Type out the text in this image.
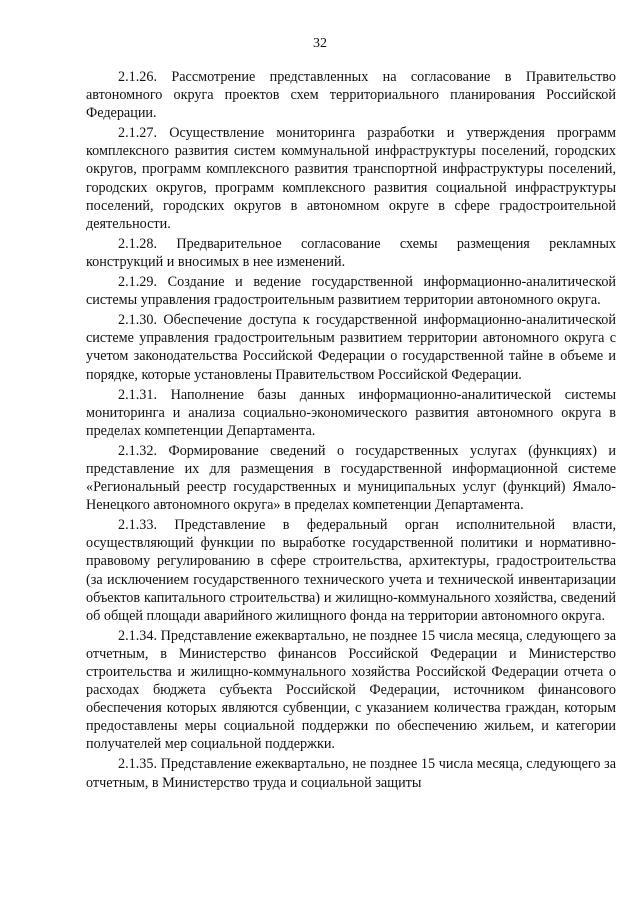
32

2.1.26. Рассмотрение представленных на согласование в Правительство автономного округа проектов схем территориального планирования Российской Федерации.

2.1.27. Осуществление мониторинга разработки и утверждения программ комплексного развития систем коммунальной инфраструктуры поселений, городских округов, программ комплексного развития транспортной инфраструктуры поселений, городских округов, программ комплексного развития социальной инфраструктуры поселений, городских округов в автономном округе в сфере градостроительной деятельности.

2.1.28. Предварительное согласование схемы размещения рекламных конструкций и вносимых в нее изменений.

2.1.29. Создание и ведение государственной информационно-аналитической системы управления градостроительным развитием территории автономного округа.

2.1.30. Обеспечение доступа к государственной информационно-аналитической системе управления градостроительным развитием территории автономного округа с учетом законодательства Российской Федерации о государственной тайне в объеме и порядке, которые установлены Правительством Российской Федерации.

2.1.31. Наполнение базы данных информационно-аналитической системы мониторинга и анализа социально-экономического развития автономного округа в пределах компетенции Департамента.

2.1.32. Формирование сведений о государственных услугах (функциях) и представление их для размещения в государственной информационной системе «Региональный реестр государственных и муниципальных услуг (функций) Ямало-Ненецкого автономного округа» в пределах компетенции Департамента.

2.1.33. Представление в федеральный орган исполнительной власти, осуществляющий функции по выработке государственной политики и нормативно-правовому регулированию в сфере строительства, архитектуры, градостроительства (за исключением государственного технического учета и технической инвентаризации объектов капитального строительства) и жилищно-коммунального хозяйства, сведений об общей площади аварийного жилищного фонда на территории автономного округа.

2.1.34. Представление ежеквартально, не позднее 15 числа месяца, следующего за отчетным, в Министерство финансов Российской Федерации и Министерство строительства и жилищно-коммунального хозяйства Российской Федерации отчета о расходах бюджета субъекта Российской Федерации, источником финансового обеспечения которых являются субвенции, с указанием количества граждан, которым предоставлены меры социальной поддержки по обеспечению жильем, и категории получателей мер социальной поддержки.

2.1.35. Представление ежеквартально, не позднее 15 числа месяца, следующего за отчетным, в Министерство труда и социальной защиты
